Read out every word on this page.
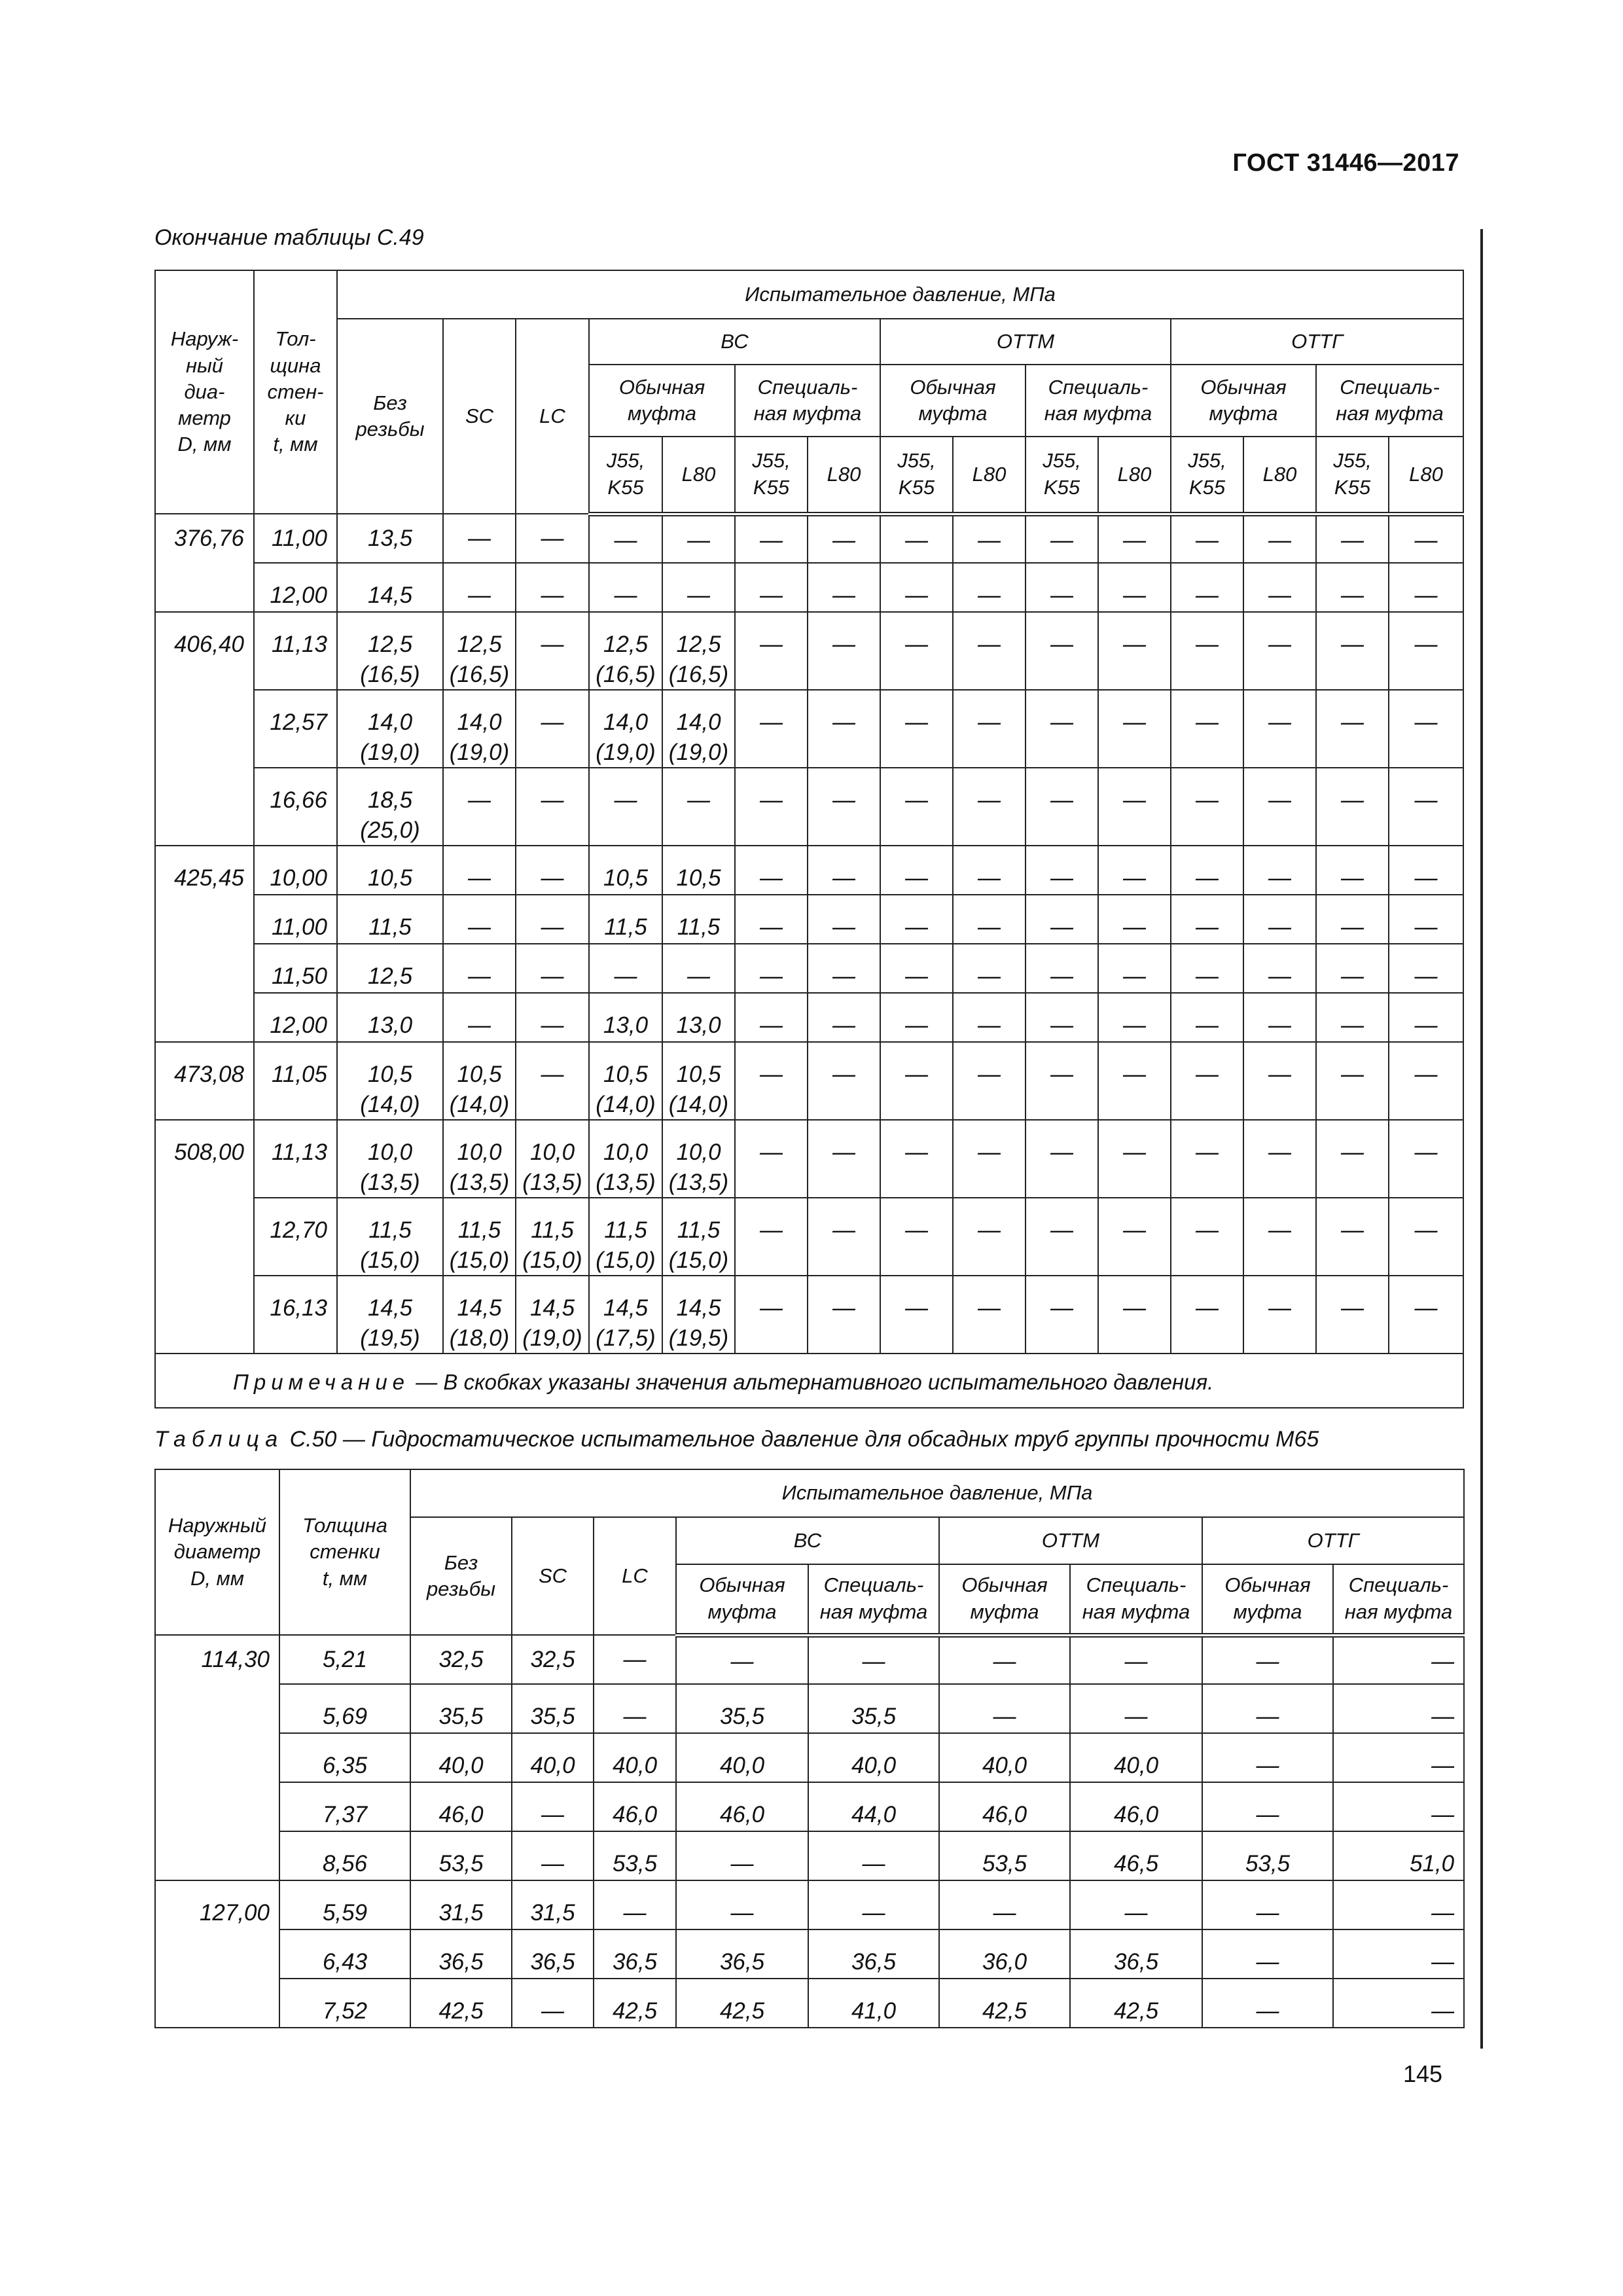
ГОСТ 31446—2017
Окончание таблицы С.49
Наруж-
ный
диа-
метр
D, мм	Тол-
щина
стен-
ки
t, мм	Испытательное давление, МПа														
		Без
резьбы	SC	LC	ВС				ОТТМ				ОТТГ			
					Обычная
муфта		Специаль-
ная муфта		Обычная
муфта		Специаль-
ная муфта		Обычная
муфта		Специаль-
ная муфта	
					J55,
K55	L80	J55,
K55	L80	J55,
K55	L80	J55,
K55	L80	J55,
K55	L80	J55,
K55	L80
376,76	11,00	13,5	—	—	—	—	—	—	—	—	—	—	—	—	—	—
	12,00	14,5	—	—	—	—	—	—	—	—	—	—	—	—	—	—
406,40	11,13	12,5
(16,5)	12,5
(16,5)	—	12,5
(16,5)	12,5
(16,5)	—	—	—	—	—	—	—	—	—	—
	12,57	14,0
(19,0)	14,0
(19,0)	—	14,0
(19,0)	14,0
(19,0)	—	—	—	—	—	—	—	—	—	—
	16,66	18,5
(25,0)	—	—	—	—	—	—	—	—	—	—	—	—	—	—
425,45	10,00	10,5	—	—	10,5	10,5	—	—	—	—	—	—	—	—	—	—
	11,00	11,5	—	—	11,5	11,5	—	—	—	—	—	—	—	—	—	—
	11,50	12,5	—	—	—	—	—	—	—	—	—	—	—	—	—	—
	12,00	13,0	—	—	13,0	13,0	—	—	—	—	—	—	—	—	—	—
473,08	11,05	10,5
(14,0)	10,5
(14,0)	—	10,5
(14,0)	10,5
(14,0)	—	—	—	—	—	—	—	—	—	—
508,00	11,13	10,0
(13,5)	10,0
(13,5)	10,0
(13,5)	10,0
(13,5)	10,0
(13,5)	—	—	—	—	—	—	—	—	—	—
	12,70	11,5
(15,0)	11,5
(15,0)	11,5
(15,0)	11,5
(15,0)	11,5
(15,0)	—	—	—	—	—	—	—	—	—	—
	16,13	14,5
(19,5)	14,5
(18,0)	14,5
(19,0)	14,5
(17,5)	14,5
(19,5)	—	—	—	—	—	—	—	—	—	—
Примечание — В скобках указаны значения альтернативного испытательного давления.																
Таблица С.50 — Гидростатическое испытательное давление для обсадных труб группы прочности М65
Наружный
диаметр
D, мм	Толщина
стенки
t, мм	Испытательное давление, МПа								
		Без
резьбы	SC	LC	ВС		ОТТМ		ОТТГ	
					Обычная
муфта	Специаль-
ная муфта	Обычная
муфта	Специаль-
ная муфта	Обычная
муфта	Специаль-
ная муфта
114,30	5,21	32,5	32,5	—	—	—	—	—	—	—
	5,69	35,5	35,5	—	35,5	35,5	—	—	—	—
	6,35	40,0	40,0	40,0	40,0	40,0	40,0	40,0	—	—
	7,37	46,0	—	46,0	46,0	44,0	46,0	46,0	—	—
	8,56	53,5	—	53,5	—	—	53,5	46,5	53,5	51,0
127,00	5,59	31,5	31,5	—	—	—	—	—	—	—
	6,43	36,5	36,5	36,5	36,5	36,5	36,0	36,5	—	—
	7,52	42,5	—	42,5	42,5	41,0	42,5	42,5	—	—
145
